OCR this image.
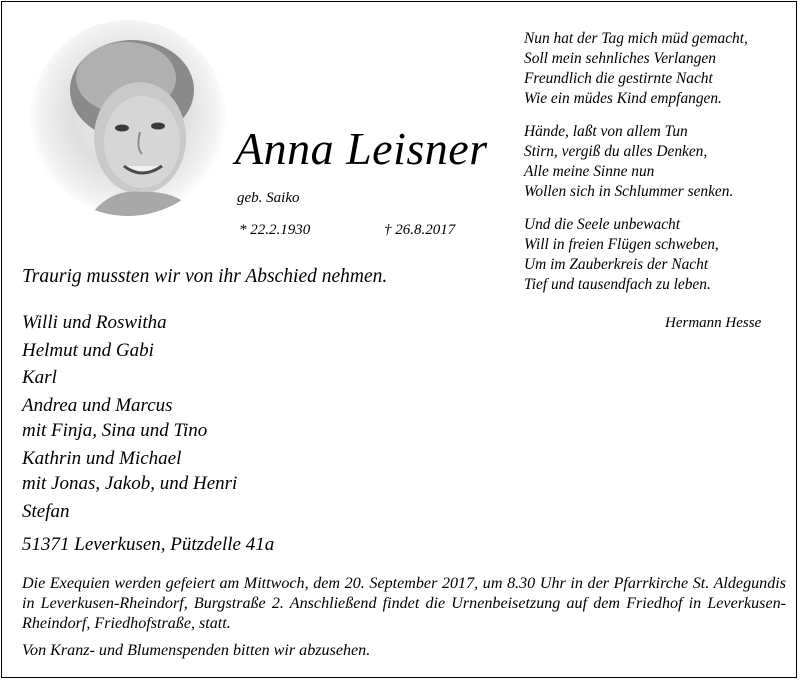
Anna Leisner
geb. Saiko
* 22.2.1930	† 26.8.2017
Nun hat der Tag mich müd gemacht,
Soll mein sehnliches Verlangen
Freundlich die gestirnte Nacht
Wie ein müdes Kind empfangen.
Hände, laßt von allem Tun
Stirn, vergiß du alles Denken,
Alle meine Sinne nun
Wollen sich in Schlummer senken.
Und die Seele unbewacht
Will in freien Flügen schweben,
Um im Zauberkreis der Nacht
Tief und tausendfach zu leben.
Hermann Hesse
Traurig mussten wir von ihr Abschied nehmen.
Willi und Roswitha
Helmut und Gabi
Karl
Andrea und Marcus
mit Finja, Sina und Tino
Kathrin und Michael
mit Jonas, Jakob, und Henri
Stefan
51371 Leverkusen, Pützdelle 41a
Die Exequien werden gefeiert am Mittwoch, dem 20. September 2017, um 8.30 Uhr in der Pfarrkirche St. Aldegundis in Leverkusen-Rheindorf, Burgstraße 2. Anschließend findet die Urnenbeisetzung auf dem Friedhof in Leverkusen-Rheindorf, Friedhofstraße, statt.
Von Kranz- und Blumenspenden bitten wir abzusehen.
